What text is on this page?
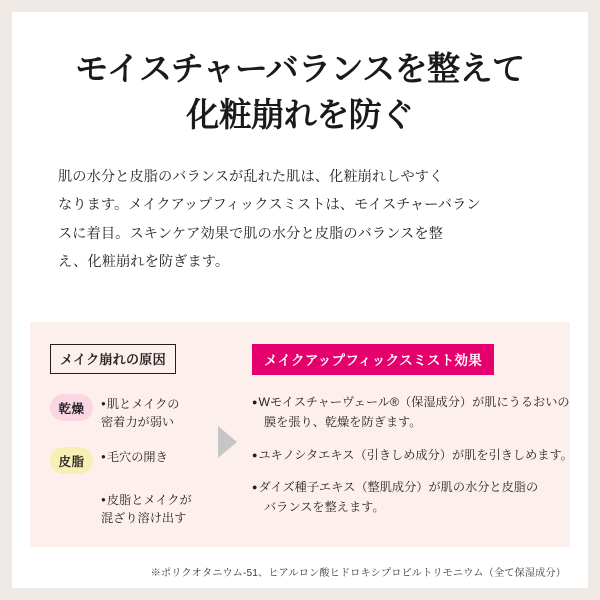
モイスチャーバランスを整えて
化粧崩れを防ぐ
肌の水分と皮脂のバランスが乱れた肌は、化粧崩れしやすく
なります。メイクアップフィックスミストは、モイスチャーバラン
スに着目。スキンケア効果で肌の水分と皮脂のバランスを整
え、化粧崩れを防ぎます。
メイク崩れの原因
乾燥	● 肌とメイクの
密着力が弱い
皮脂	● 毛穴の開き
● 皮脂とメイクが
混ざり溶け出す
メイクアップフィックスミスト効果
● Wモイスチャーヴェール®（保湿成分）が肌にうるおいの
膜を張り、乾燥を防ぎます。
● ユキノシタエキス（引きしめ成分）が肌を引きしめます。
● ダイズ種子エキス（整肌成分）が肌の水分と皮脂の
バランスを整えます。
※ポリクオタニウム-51、ヒアルロン酸ヒドロキシプロピルトリモニウム（全て保湿成分）
